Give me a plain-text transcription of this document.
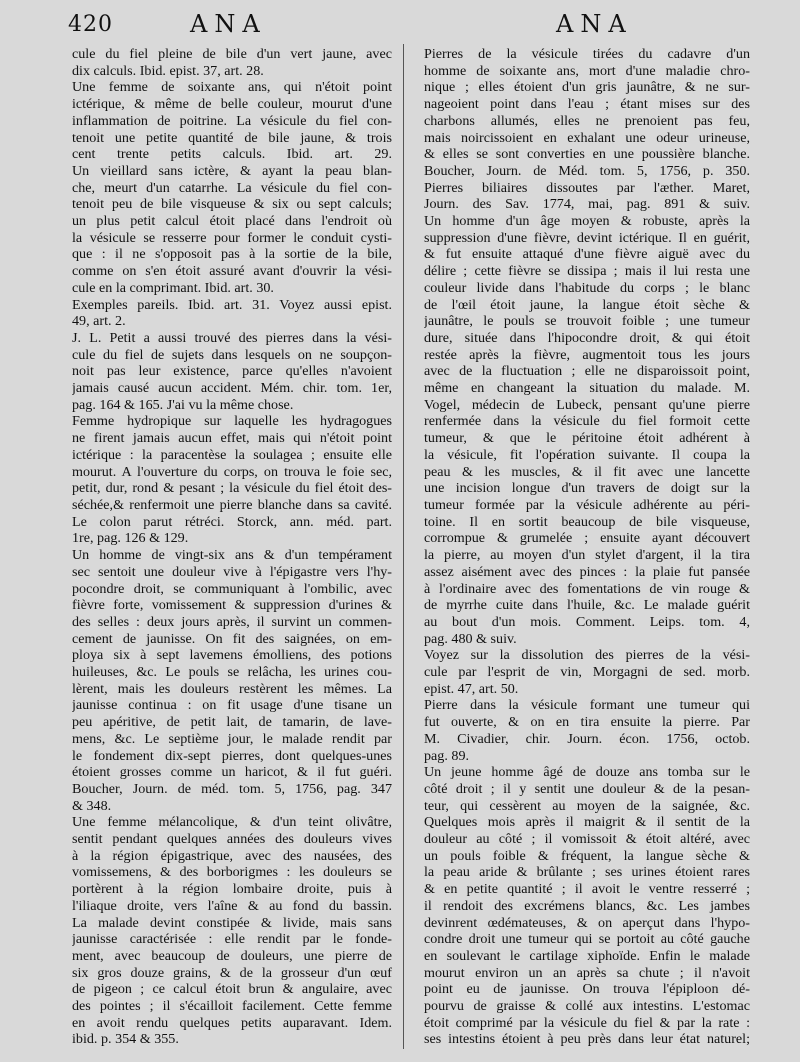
420	ANA	ANA
cule du fiel pleine de bile d'un vert jaune, avec
dix calculs. Ibid. epist. 37, art. 28.
Une femme de soixante ans, qui n'étoit point
ictérique, & même de belle couleur, mourut d'une
inflammation de poitrine. La vésicule du fiel con-
tenoit une petite quantité de bile jaune, & trois
cent trente petits calculs. Ibid. art. 29.
Un vieillard sans ictère, & ayant la peau blan-
che, meurt d'un catarrhe. La vésicule du fiel con-
tenoit peu de bile visqueuse & six ou sept calculs;
un plus petit calcul étoit placé dans l'endroit où
la vésicule se resserre pour former le conduit cysti-
que : il ne s'opposoit pas à la sortie de la bile,
comme on s'en étoit assuré avant d'ouvrir la vési-
cule en la comprimant. Ibid. art. 30.
Exemples pareils. Ibid. art. 31. Voyez aussi epist.
49, art. 2.
J. L. Petit a aussi trouvé des pierres dans la vési-
cule du fiel de sujets dans lesquels on ne soupçon-
noit pas leur existence, parce qu'elles n'avoient
jamais causé aucun accident. Mém. chir. tom. 1er,
pag. 164 & 165. J'ai vu la même chose.
Femme hydropique sur laquelle les hydragogues
ne firent jamais aucun effet, mais qui n'étoit point
ictérique : la paracentèse la soulagea ; ensuite elle
mourut. A l'ouverture du corps, on trouva le foie sec,
petit, dur, rond & pesant ; la vésicule du fiel étoit des-
séchée,& renfermoit une pierre blanche dans sa cavité.
Le colon parut rétréci. Storck, ann. méd. part.
1re, pag. 126 & 129.
Un homme de vingt-six ans & d'un tempérament
sec sentoit une douleur vive à l'épigastre vers l'hy-
pocondre droit, se communiquant à l'ombilic, avec
fièvre forte, vomissement & suppression d'urines &
des selles : deux jours après, il survint un commen-
cement de jaunisse. On fit des saignées, on em-
ploya six à sept lavemens émolliens, des potions
huileuses, &c. Le pouls se relâcha, les urines cou-
lèrent, mais les douleurs restèrent les mêmes. La
jaunisse continua : on fit usage d'une tisane un
peu apéritive, de petit lait, de tamarin, de lave-
mens, &c. Le septième jour, le malade rendit par
le fondement dix-sept pierres, dont quelques-unes
étoient grosses comme un haricot, & il fut guéri.
Boucher, Journ. de méd. tom. 5, 1756, pag. 347
& 348.
Une femme mélancolique, & d'un teint olivâtre,
sentit pendant quelques années des douleurs vives
à la région épigastrique, avec des nausées, des
vomissemens, & des borborigmes : les douleurs se
portèrent à la région lombaire droite, puis à
l'iliaque droite, vers l'aîne & au fond du bassin.
La malade devint constipée & livide, mais sans
jaunisse caractérisée : elle rendit par le fonde-
ment, avec beaucoup de douleurs, une pierre de
six gros douze grains, & de la grosseur d'un œuf
de pigeon ; ce calcul étoit brun & angulaire, avec
des pointes ; il s'écailloit facilement. Cette femme
en avoit rendu quelques petits auparavant. Idem.
ibid. p. 354 & 355.
Pierres de la vésicule tirées du cadavre d'un
homme de soixante ans, mort d'une maladie chro-
nique ; elles étoient d'un gris jaunâtre, & ne sur-
nageoient point dans l'eau ; étant mises sur des
charbons allumés, elles ne prenoient pas feu,
mais noircissoient en exhalant une odeur urineuse,
& elles se sont converties en une poussière blanche.
Boucher, Journ. de Méd. tom. 5, 1756, p. 350.
Pierres biliaires dissoutes par l'æther. Maret,
Journ. des Sav. 1774, mai, pag. 891 & suiv.
Un homme d'un âge moyen & robuste, après la
suppression d'une fièvre, devint ictérique. Il en guérit,
& fut ensuite attaqué d'une fièvre aiguë avec du
délire ; cette fièvre se dissipa ; mais il lui resta une
couleur livide dans l'habitude du corps ; le blanc
de l'œil étoit jaune, la langue étoit sèche &
jaunâtre, le pouls se trouvoit foible ; une tumeur
dure, située dans l'hipocondre droit, & qui étoit
restée après la fièvre, augmentoit tous les jours
avec de la fluctuation ; elle ne disparoissoit point,
même en changeant la situation du malade. M.
Vogel, médecin de Lubeck, pensant qu'une pierre
renfermée dans la vésicule du fiel formoit cette
tumeur, & que le péritoine étoit adhérent à
la vésicule, fit l'opération suivante. Il coupa la
peau & les muscles, & il fit avec une lancette
une incision longue d'un travers de doigt sur la
tumeur formée par la vésicule adhérente au péri-
toine. Il en sortit beaucoup de bile visqueuse,
corrompue & grumelée ; ensuite ayant découvert
la pierre, au moyen d'un stylet d'argent, il la tira
assez aisément avec des pinces : la plaie fut pansée
à l'ordinaire avec des fomentations de vin rouge &
de myrrhe cuite dans l'huile, &c. Le malade guérit
au bout d'un mois. Comment. Leips. tom. 4,
pag. 480 & suiv.
Voyez sur la dissolution des pierres de la vési-
cule par l'esprit de vin, Morgagni de sed. morb.
epist. 47, art. 50.
Pierre dans la vésicule formant une tumeur qui
fut ouverte, & on en tira ensuite la pierre. Par
M. Civadier, chir. Journ. écon. 1756, octob.
pag. 89.
Un jeune homme âgé de douze ans tomba sur le
côté droit ; il y sentit une douleur & de la pesan-
teur, qui cessèrent au moyen de la saignée, &c.
Quelques mois après il maigrit & il sentit de la
douleur au côté ; il vomissoit & étoit altéré, avec
un pouls foible & fréquent, la langue sèche &
la peau aride & brûlante ; ses urines étoient rares
& en petite quantité ; il avoit le ventre resserré ;
il rendoit des excrémens blancs, &c. Les jambes
devinrent œdémateuses, & on aperçut dans l'hypo-
condre droit une tumeur qui se portoit au côté gauche
en soulevant le cartilage xiphoïde. Enfin le malade
mourut environ un an après sa chute ; il n'avoit
point eu de jaunisse. On trouva l'épiploon dé-
pourvu de graisse & collé aux intestins. L'estomac
étoit comprimé par la vésicule du fiel & par la rate :
ses intestins étoient à peu près dans leur état naturel;
